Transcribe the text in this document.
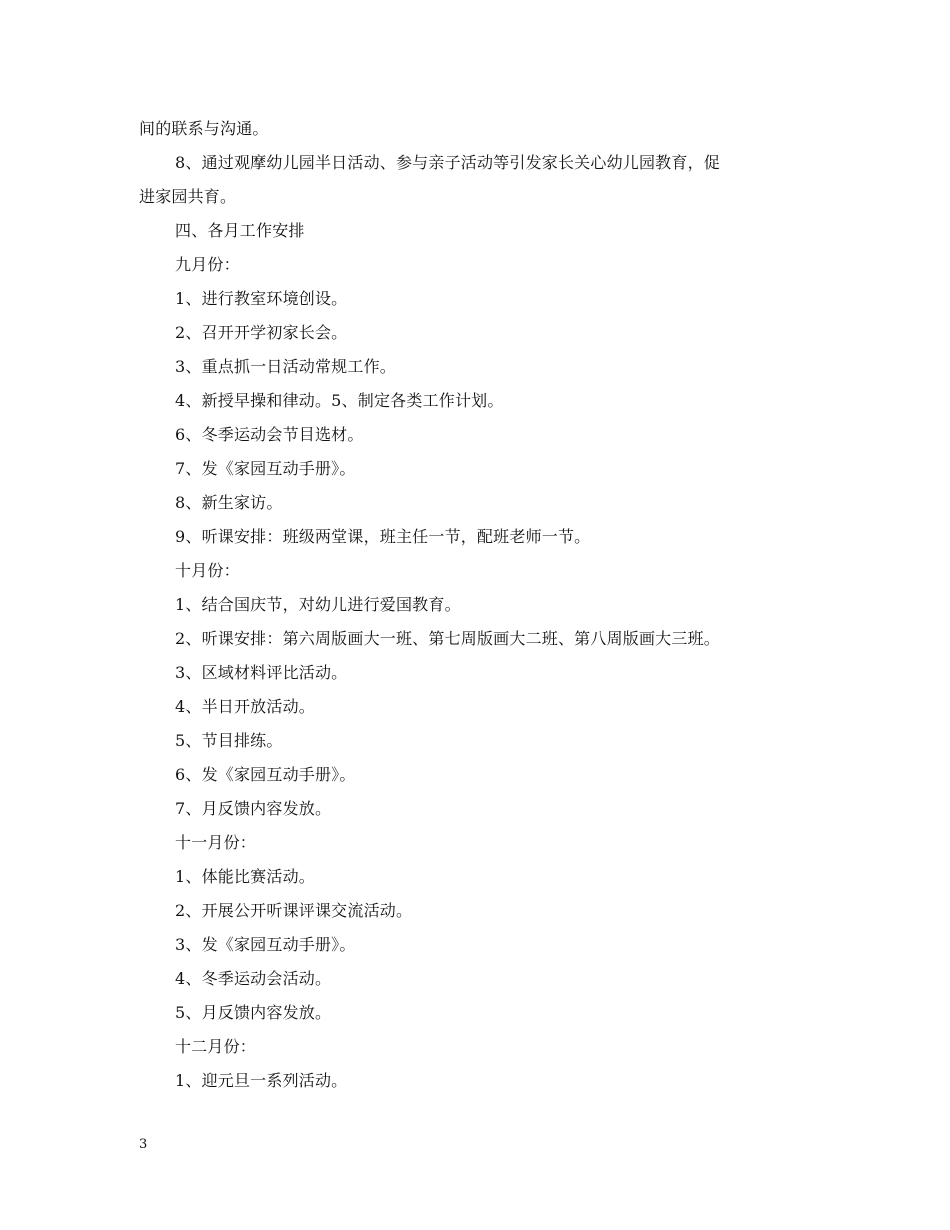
间的联系与沟通。
8、通过观摩幼儿园半日活动、参与亲子活动等引发家长关心幼儿园教育，促
进家园共育。
四、各月工作安排
九月份：
1、进行教室环境创设。
2、召开开学初家长会。
3、重点抓一日活动常规工作。
4、新授早操和律动。5、制定各类工作计划。
6、冬季运动会节目选材。
7、发《家园互动手册》。
8、新生家访。
9、听课安排：班级两堂课，班主任一节，配班老师一节。
十月份：
1、结合国庆节，对幼儿进行爱国教育。
2、听课安排：第六周版画大一班、第七周版画大二班、第八周版画大三班。
3、区域材料评比活动。
4、半日开放活动。
5、节目排练。
6、发《家园互动手册》。
7、月反馈内容发放。
十一月份：
1、体能比赛活动。
2、开展公开听课评课交流活动。
3、发《家园互动手册》。
4、冬季运动会活动。
5、月反馈内容发放。
十二月份：
1、迎元旦一系列活动。
3
